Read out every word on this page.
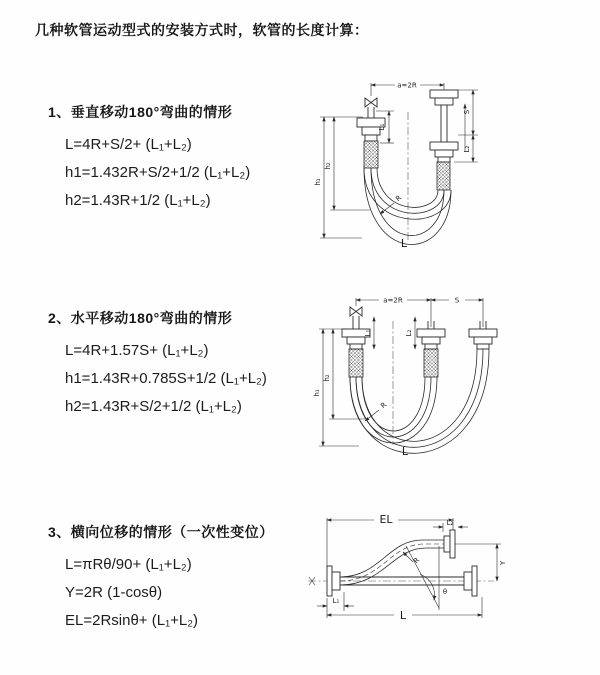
几种软管运动型式的安装方式时，软管的长度计算：
1、垂直移动180°弯曲的情形
L=4R+S/2+ (L₁+L₂)
h1=1.432R+S/2+1/2 (L₁+L₂)
h2=1.43R+1/2 (L₁+L₂)
2、水平移动180°弯曲的情形
L=4R+1.57S+ (L₁+L₂)
h1=1.43R+0.785S+1/2 (L₁+L₂)
h2=1.43R+S/2+1/2 (L₁+L₂)
3、横向位移的情形（一次性变位）
L=πRθ/90+ (L₁+L₂)
Y=2R (1-cosθ)
EL=2Rsinθ+ (L₁+L₂)
a=2R
L₁
S
L₂
R
h₁
h₂
L
a=2R	S
L₁	L₂
R
h₁
h₂
L
EL	L₂
Y
R
θ
L₁
L
